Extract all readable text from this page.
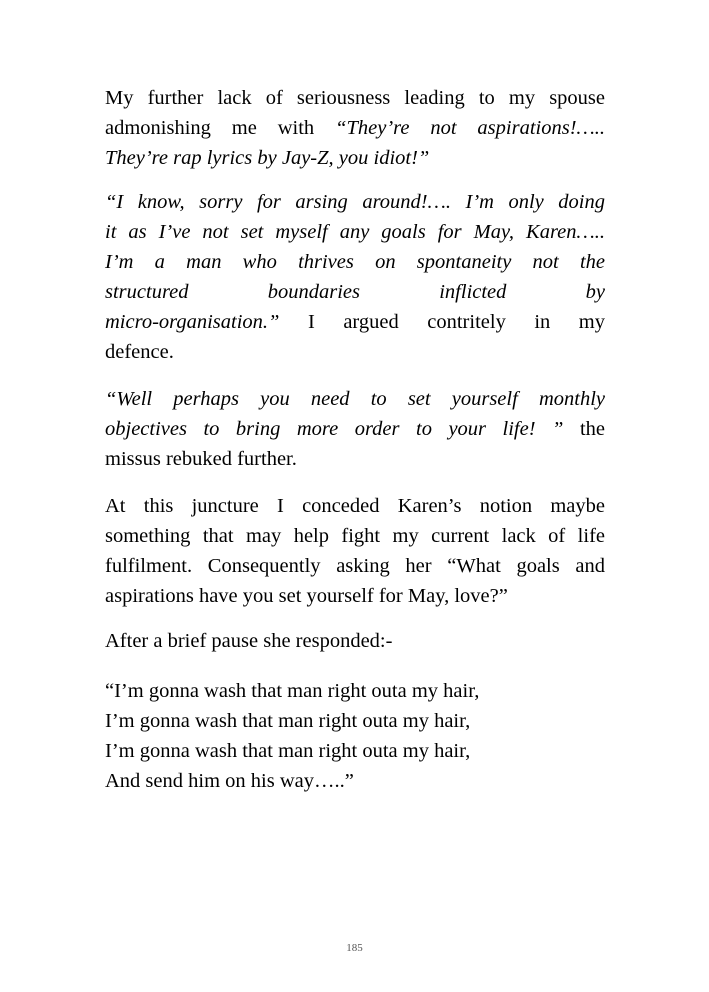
My further lack of seriousness leading to my spouse
admonishing me with “They’re not aspirations!…..
They’re rap lyrics by Jay-Z, you idiot!”
“I know, sorry for arsing around!…. I’m only doing
it as I’ve not set myself any goals for May, Karen…..
I’m a man who thrives on spontaneity not the
structured boundaries inflicted by
micro-organisation.” I argued contritely in my
defence.
“Well perhaps you need to set yourself monthly
objectives to bring more order to your life! ” the
missus rebuked further.
At this juncture I conceded Karen’s notion maybe
something that may help fight my current lack of life
fulfilment. Consequently asking her “What goals and
aspirations have you set yourself for May, love?”
After a brief pause she responded:-
“I’m gonna wash that man right outa my hair,
I’m gonna wash that man right outa my hair,
I’m gonna wash that man right outa my hair,
And send him on his way…..”
185
